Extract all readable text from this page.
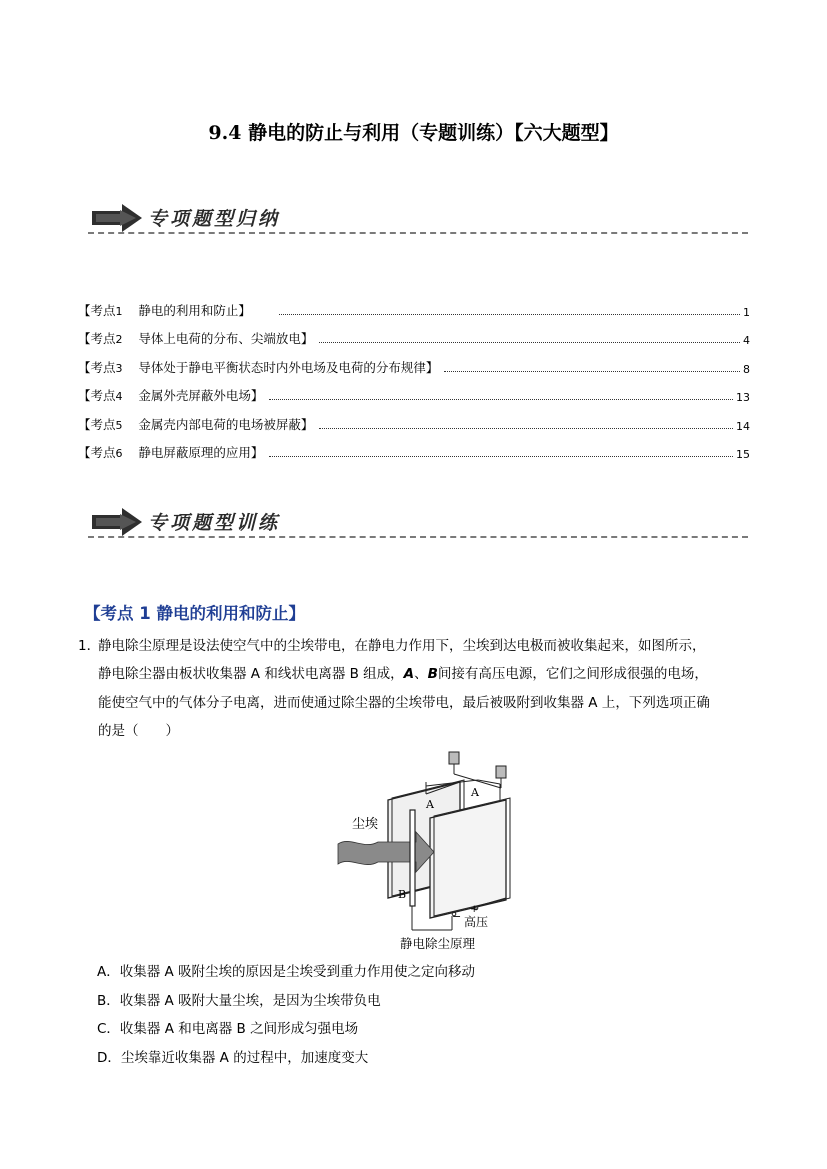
9.4 静电的防止与利用（专题训练）【六大题型】
专项题型归纳
【考点1 静电的利用和防止】	1
【考点2 导体上电荷的分布、尖端放电】	4
【考点3 导体处于静电平衡状态时内外电场及电荷的分布规律】	8
【考点4 金属外壳屏蔽外电场】	13
【考点5 金属壳内部电荷的电场被屏蔽】	14
【考点6 静电屏蔽原理的应用】	15
专项题型训练
【考点 1 静电的利用和防止】
1．
静电除尘原理是设法使空气中的尘埃带电，在静电力作用下，尘埃到达电极而被收集起来，如图所示，
静电除尘器由板状收集器 A 和线状电离器 B 组成，A、B间接有高压电源，它们之间形成很强的电场，
能使空气中的气体分子电离，进而使通过除尘器的尘埃带电，最后被吸附到收集器 A 上，下列选项正确
的是（　　）
尘埃
A
A
B
−
+
高压
静电除尘原理
A．收集器 A 吸附尘埃的原因是尘埃受到重力作用使之定向移动
B．收集器 A 吸附大量尘埃，是因为尘埃带负电
C．收集器 A 和电离器 B 之间形成匀强电场
D．尘埃靠近收集器 A 的过程中，加速度变大
